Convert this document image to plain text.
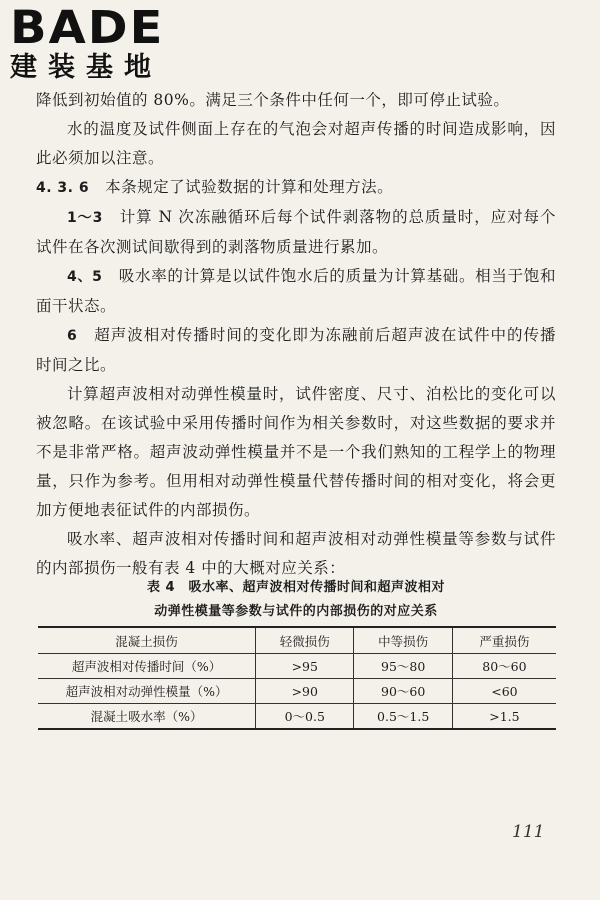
BADE
建装基地

降低到初始值的 80%。满足三个条件中任何一个，即可停止试验。

水的温度及试件侧面上存在的气泡会对超声传播的时间造成影响，因此必须加以注意。

4. 3. 6　 本条规定了试验数据的计算和处理方法。

1～3　 计算 N 次冻融循环后每个试件剥落物的总质量时，应对每个试件在各次测试间歇得到的剥落物质量进行累加。

4、5　 吸水率的计算是以试件饱水后的质量为计算基础。相当于饱和面干状态。

6　 超声波相对传播时间的变化即为冻融前后超声波在试件中的传播时间之比。

计算超声波相对动弹性模量时，试件密度、尺寸、泊松比的变化可以被忽略。在该试验中采用传播时间作为相关参数时，对这些数据的要求并不是非常严格。超声波动弹性模量并不是一个我们熟知的工程学上的物理量，只作为参考。但用相对动弹性模量代替传播时间的相对变化，将会更加方便地表征试件的内部损伤。

吸水率、超声波相对传播时间和超声波相对动弹性模量等参数与试件的内部损伤一般有表 4 中的大概对应关系：

表 4　吸水率、超声波相对传播时间和超声波相对
动弹性模量等参数与试件的内部损伤的对应关系
混凝土损伤	轻微损伤	中等损伤	严重损伤
超声波相对传播时间（%）	>95	95～80	80～60
超声波相对动弹性模量（%）	>90	90～60	<60
混凝土吸水率（%）	0～0.5	0.5～1.5	>1.5
111
